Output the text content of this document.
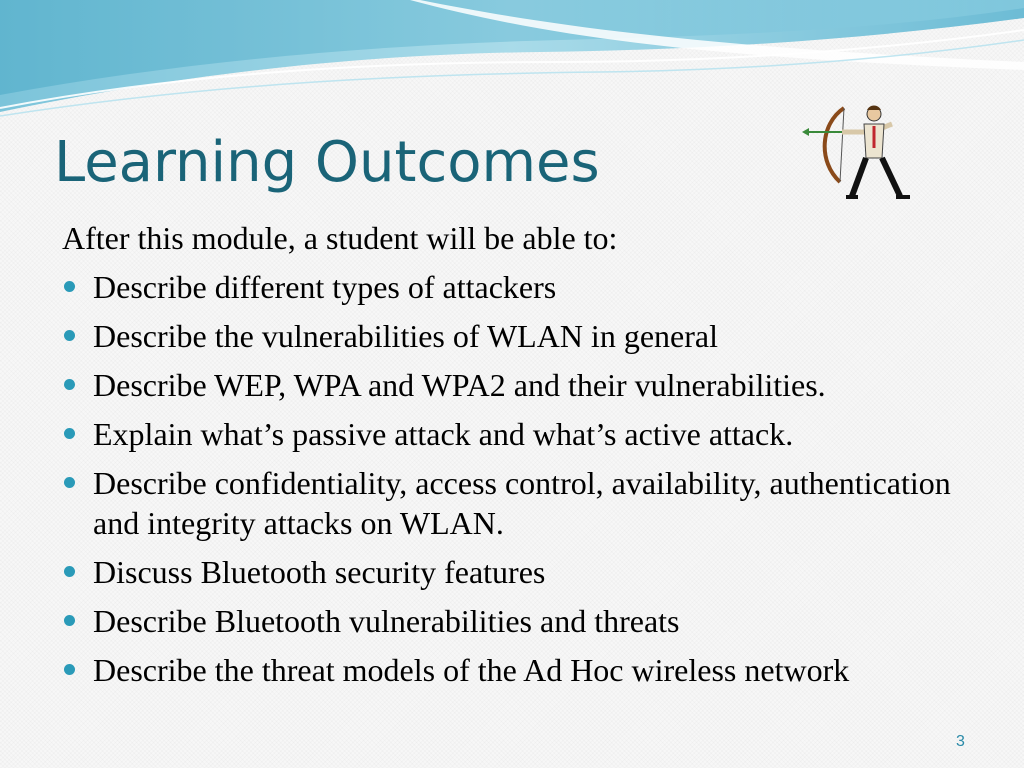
Learning Outcomes

After this module, a student will be able to:

Describe different types of attackers
Describe the vulnerabilities of WLAN in general
Describe WEP, WPA and WPA2 and their vulnerabilities.
Explain what’s passive attack and what’s active attack.
Describe confidentiality, access control, availability, authentication and integrity attacks on WLAN.
Discuss Bluetooth security features
Describe Bluetooth vulnerabilities and threats
Describe the threat models of the Ad Hoc wireless network
3
